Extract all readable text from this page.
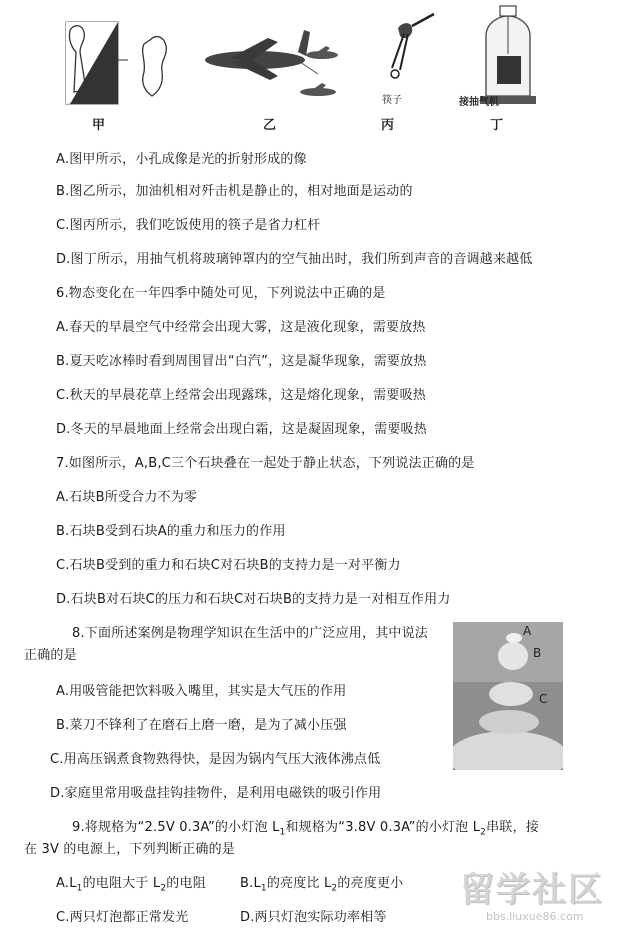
甲	乙	丙	丁
筷子	接抽气机
A.图甲所示，小孔成像是光的折射形成的像
B.图乙所示，加油机相对歼击机是静止的，相对地面是运动的
C.图丙所示，我们吃饭使用的筷子是省力杠杆
D.图丁所示，用抽气机将玻璃钟罩内的空气抽出时，我们所到声音的音调越来越低
6.物态变化在一年四季中随处可见，下列说法中正确的是
A.春天的早晨空气中经常会出现大雾，这是液化现象，需要放热
B.夏天吃冰棒时看到周围冒出“白汽”，这是凝华现象，需要放热
C.秋天的早晨花草上经常会出现露珠，这是熔化现象，需要吸热
D.冬天的早晨地面上经常会出现白霜，这是凝固现象，需要吸热
7.如图所示，A,B,C三个石块叠在一起处于静止状态，下列说法正确的是
A.石块B所受合力不为零
B.石块B受到石块A的重力和压力的作用
C.石块B受到的重力和石块C对石块B的支持力是一对平衡力
D.石块B对石块C的压力和石块C对石块B的支持力是一对相互作用力
A
B
C
8.下面所述案例是物理学知识在生活中的广泛应用，其中说法
正确的是
A.用吸管能把饮料吸入嘴里，其实是大气压的作用
B.菜刀不锋利了在磨石上磨一磨，是为了减小压强
C.用高压锅煮食物熟得快，是因为锅内气压大液体沸点低
D.家庭里常用吸盘挂钩挂物件，是利用电磁铁的吸引作用
9.将规格为“2.5V 0.3A”的小灯泡 $L_1$和规格为“3.8V 0.3A”的小灯泡 $L_2$串联，接
在 3V 的电源上，下列判断正确的是
$A.L_1$的电阻大于 $L_2$的电阻	$B.L_1$的亮度比 $L_2$的亮度更小
C.两只灯泡都正常发光	D.两只灯泡实际功率相等
留学社区
bbs.liuxue86.com
